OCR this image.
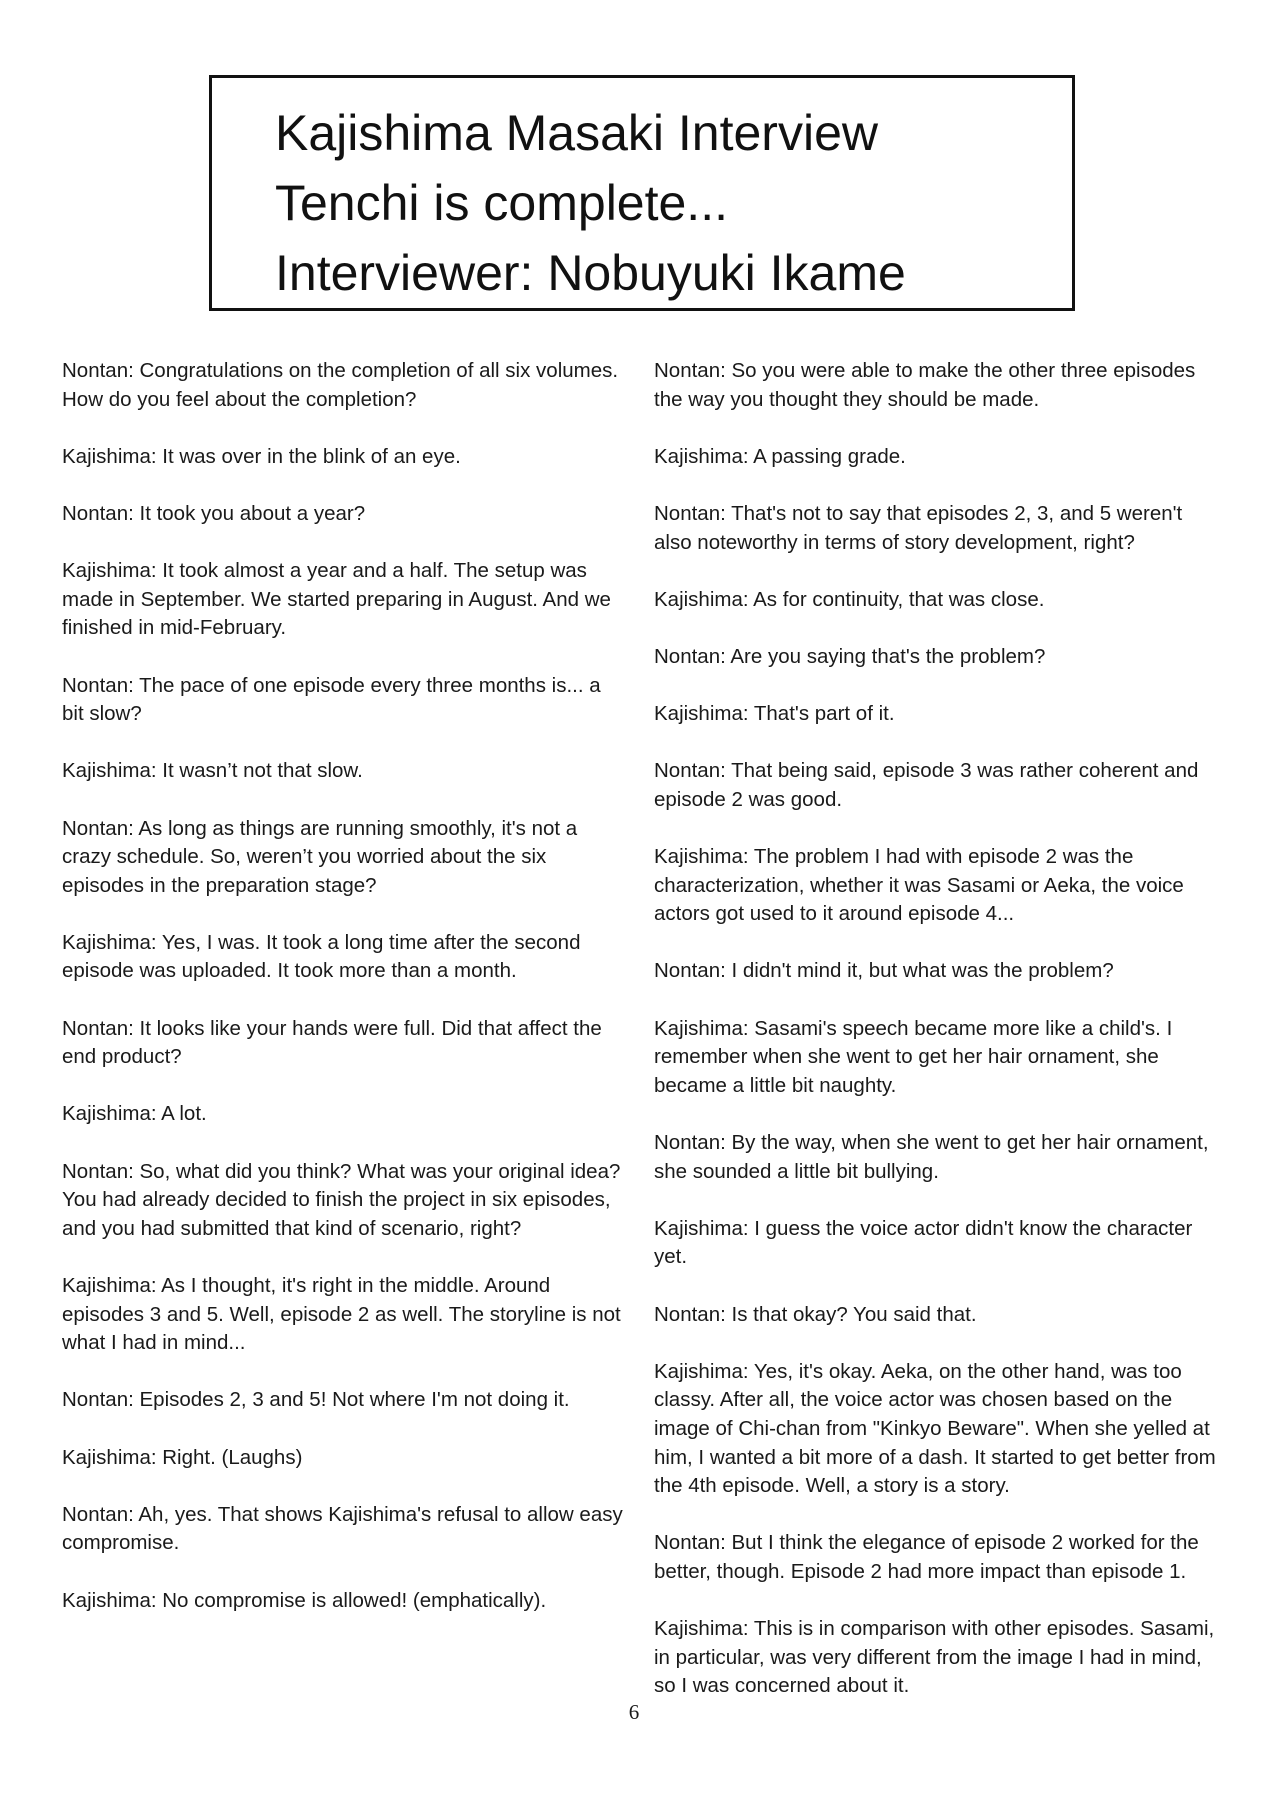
Kajishima Masaki Interview
Tenchi is complete...
Interviewer: Nobuyuki Ikame

Nontan: Congratulations on the completion of all six volumes. How do you feel about the completion?

Kajishima: It was over in the blink of an eye.

Nontan: It took you about a year?

Kajishima: It took almost a year and a half. The setup was made in September. We started preparing in August. And we finished in mid-February.

Nontan: The pace of one episode every three months is... a bit slow?

Kajishima: It wasn’t not that slow.

Nontan: As long as things are running smoothly, it's not a crazy schedule. So, weren’t you worried about the six episodes in the preparation stage?

Kajishima: Yes, I was. It took a long time after the second episode was uploaded. It took more than a month.

Nontan: It looks like your hands were full. Did that affect the end product?

Kajishima: A lot.

Nontan: So, what did you think? What was your original idea? You had already decided to finish the project in six episodes, and you had submitted that kind of scenario, right?

Kajishima: As I thought, it's right in the middle. Around episodes 3 and 5. Well, episode 2 as well. The storyline is not what I had in mind...

Nontan: Episodes 2, 3 and 5! Not where I'm not doing it.

Kajishima: Right. (Laughs)

Nontan: Ah, yes. That shows Kajishima's refusal to allow easy compromise.

Kajishima: No compromise is allowed! (emphatically).

Nontan: So you were able to make the other three episodes the way you thought they should be made.

Kajishima: A passing grade.

Nontan: That's not to say that episodes 2, 3, and 5 weren't also noteworthy in terms of story development, right?

Kajishima: As for continuity, that was close.

Nontan: Are you saying that's the problem?

Kajishima: That's part of it.

Nontan: That being said, episode 3 was rather coherent and episode 2 was good.

Kajishima: The problem I had with episode 2 was the characterization, whether it was Sasami or Aeka, the voice actors got used to it around episode 4...

Nontan: I didn't mind it, but what was the problem?

Kajishima: Sasami's speech became more like a child's. I remember when she went to get her hair ornament, she became a little bit naughty.

Nontan: By the way, when she went to get her hair ornament, she sounded a little bit bullying.

Kajishima: I guess the voice actor didn't know the character yet.

Nontan: Is that okay? You said that.

Kajishima: Yes, it's okay. Aeka, on the other hand, was too classy. After all, the voice actor was chosen based on the image of Chi-chan from "Kinkyo Beware". When she yelled at him, I wanted a bit more of a dash. It started to get better from the 4th episode. Well, a story is a story.

Nontan: But I think the elegance of episode 2 worked for the better, though. Episode 2 had more impact than episode 1.

Kajishima: This is in comparison with other episodes. Sasami, in particular, was very different from the image I had in mind, so I was concerned about it.

6
